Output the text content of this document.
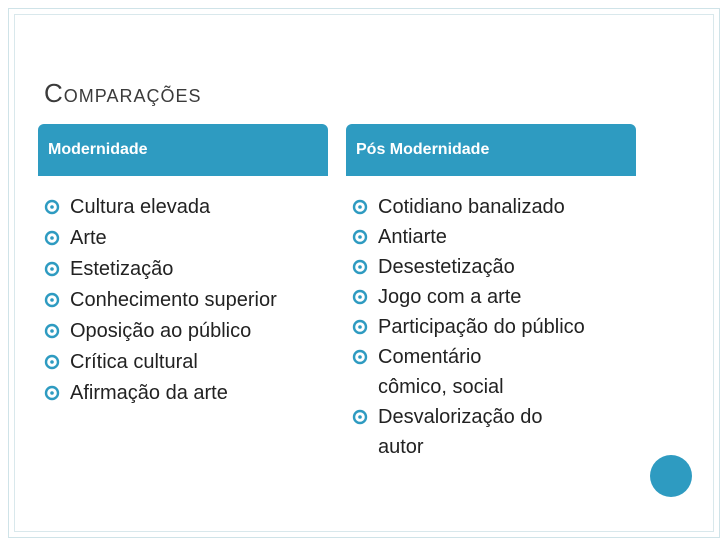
Comparações
Modernidade	Pós Modernidade
Cultura elevada
Arte
Estetização
Conhecimento superior
Oposição ao público
Crítica cultural
Afirmação da arte
Cotidiano banalizado
Antiarte
Desestetização
Jogo com a arte
Participação do público
Comentário cômico, social
Desvalorização do autor
